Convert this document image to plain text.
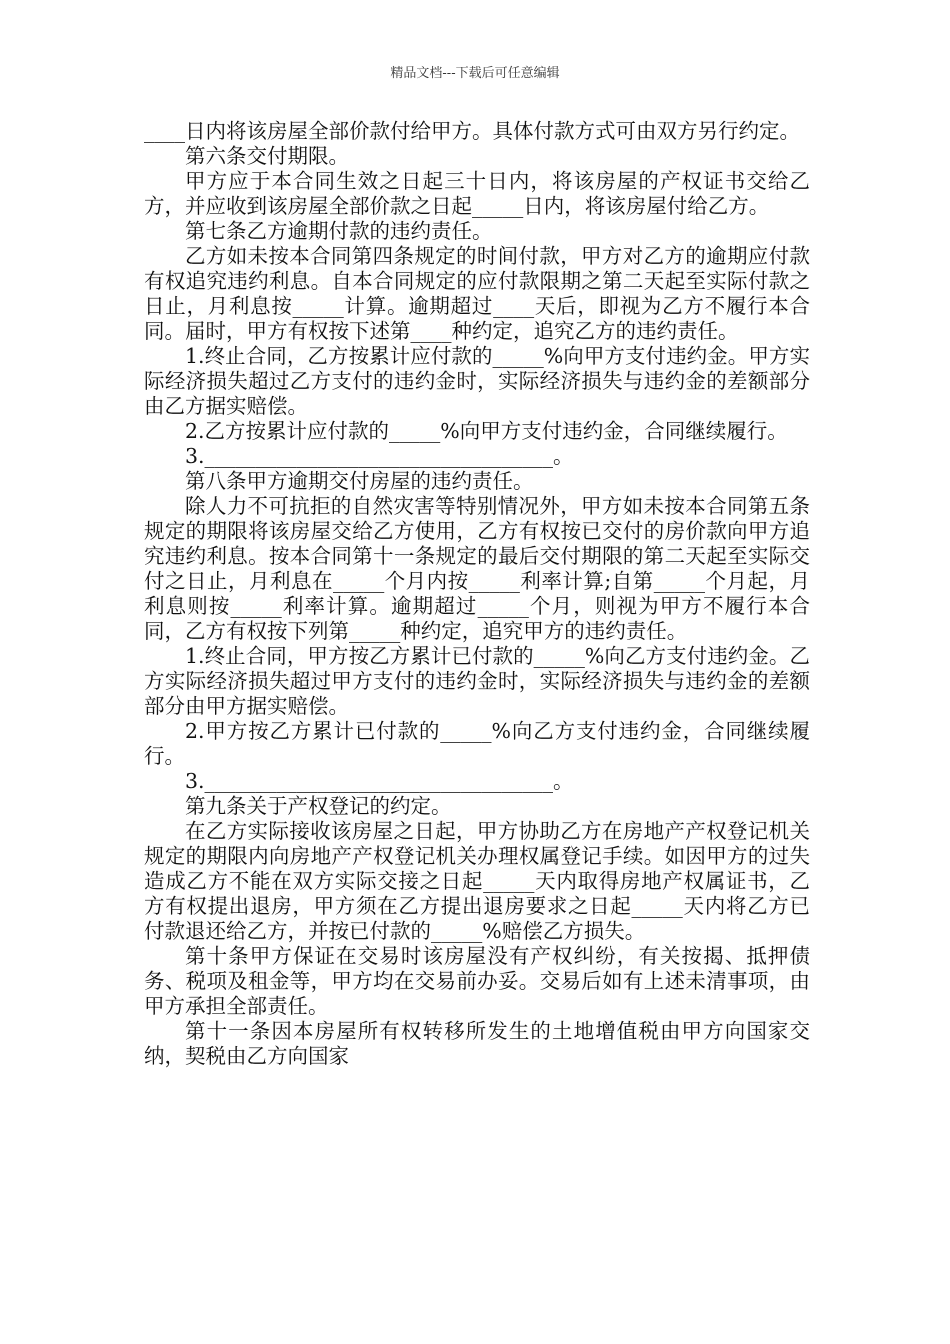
精品文档---下载后可任意编辑

____日内将该房屋全部价款付给甲方。具体付款方式可由双方另行约定。

第六条交付期限。

甲方应于本合同生效之日起三十日内，将该房屋的产权证书交给乙方，并应收到该房屋全部价款之日起_____日内，将该房屋付给乙方。

第七条乙方逾期付款的违约责任。

乙方如未按本合同第四条规定的时间付款，甲方对乙方的逾期应付款有权追究违约利息。自本合同规定的应付款限期之第二天起至实际付款之日止，月利息按_____计算。逾期超过____天后，即视为乙方不履行本合同。届时，甲方有权按下述第____种约定，追究乙方的违约责任。

1.终止合同，乙方按累计应付款的_____%向甲方支付违约金。甲方实际经济损失超过乙方支付的违约金时，实际经济损失与违约金的差额部分由乙方据实赔偿。

2.乙方按累计应付款的_____%向甲方支付违约金，合同继续履行。

3.__________________________________。

第八条甲方逾期交付房屋的违约责任。

除人力不可抗拒的自然灾害等特别情况外，甲方如未按本合同第五条规定的期限将该房屋交给乙方使用，乙方有权按已交付的房价款向甲方追究违约利息。按本合同第十一条规定的最后交付期限的第二天起至实际交付之日止，月利息在_____个月内按_____利率计算;自第_____个月起，月利息则按_____利率计算。逾期超过_____个月，则视为甲方不履行本合同，乙方有权按下列第_____种约定，追究甲方的违约责任。

1.终止合同，甲方按乙方累计已付款的_____%向乙方支付违约金。乙方实际经济损失超过甲方支付的违约金时，实际经济损失与违约金的差额部分由甲方据实赔偿。

2.甲方按乙方累计已付款的_____%向乙方支付违约金，合同继续履行。

3.__________________________________。

第九条关于产权登记的约定。

在乙方实际接收该房屋之日起，甲方协助乙方在房地产产权登记机关规定的期限内向房地产产权登记机关办理权属登记手续。如因甲方的过失造成乙方不能在双方实际交接之日起_____天内取得房地产权属证书，乙方有权提出退房，甲方须在乙方提出退房要求之日起_____天内将乙方已付款退还给乙方，并按已付款的_____%赔偿乙方损失。

第十条甲方保证在交易时该房屋没有产权纠纷，有关按揭、抵押债务、税项及租金等，甲方均在交易前办妥。交易后如有上述未清事项，由甲方承担全部责任。

第十一条因本房屋所有权转移所发生的土地增值税由甲方向国家交纳，契税由乙方向国家
